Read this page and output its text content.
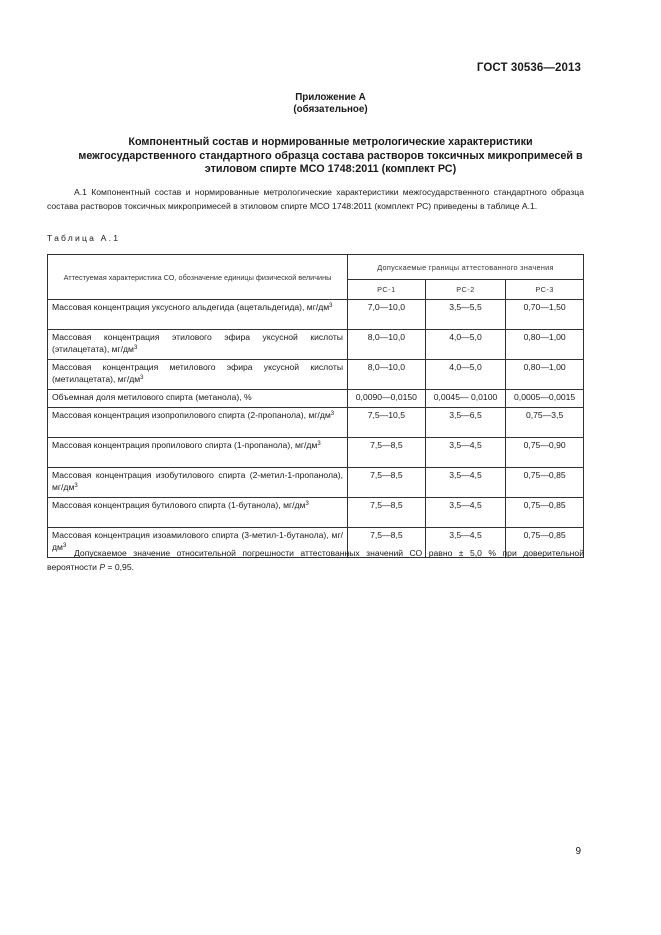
ГОСТ 30536—2013
Приложение А
(обязательное)
Компонентный состав и нормированные метрологические характеристики
межгосударственного стандартного образца состава растворов токсичных микропримесей в
этиловом спирте МСО 1748:2011 (комплект РС)
А.1 Компонентный состав и нормированные метрологические характеристики межгосударственного стандартного образца состава растворов токсичных микропримесей в этиловом спирте МСО 1748:2011 (комплект РС) приведены в таблице А.1.
Таблица А.1
Аттестуемая характеристика СО, обозначение единицы физической величины	Допускаемые границы аттестованного значения		
	РС-1	РС-2	РС-3
Массовая концентрация уксусного альдегида (ацетальдегида), $мг/дм^3$	7,0—10,0	3,5—5,5	0,70—1,50
Массовая концентрация этилового эфира уксусной кислоты (этилацетата), $мг/дм^3$	8,0—10,0	4,0—5,0	0,80—1,00
Массовая концентрация метилового эфира уксусной кислоты (метилацетата), $мг/дм^3$	8,0—10,0	4,0—5,0	0,80—1,00
Объемная доля метилового спирта (метанола), %	0,0090—0,0150	0,0045— 0,0100	0,0005—0,0015
Массовая концентрация изопропилового спирта (2-пропанола), $мг/дм^3$	7,5—10,5	3,5—6,5	0,75—3,5
Массовая концентрация пропилового спирта (1-пропанола), $мг/дм^3$	7,5—8,5	3,5—4,5	0,75—0,90
Массовая концентрация изобутилового спирта (2-метил-1-пропанола), $мг/дм^3$	7,5—8,5	3,5—4,5	0,75—0,85
Массовая концентрация бутилового спирта (1-бутанола), $мг/дм^3$	7,5—8,5	3,5—4,5	0,75—0,85
Массовая концентрация изоамилового спирта (3-метил-1-бутанола), $мг/дм^3$	7,5—8,5	3,5—4,5	0,75—0,85
Допускаемое значение относительной погрешности аттестованных значений СО равно ± 5,0 % при доверительной вероятности P = 0,95.
9
